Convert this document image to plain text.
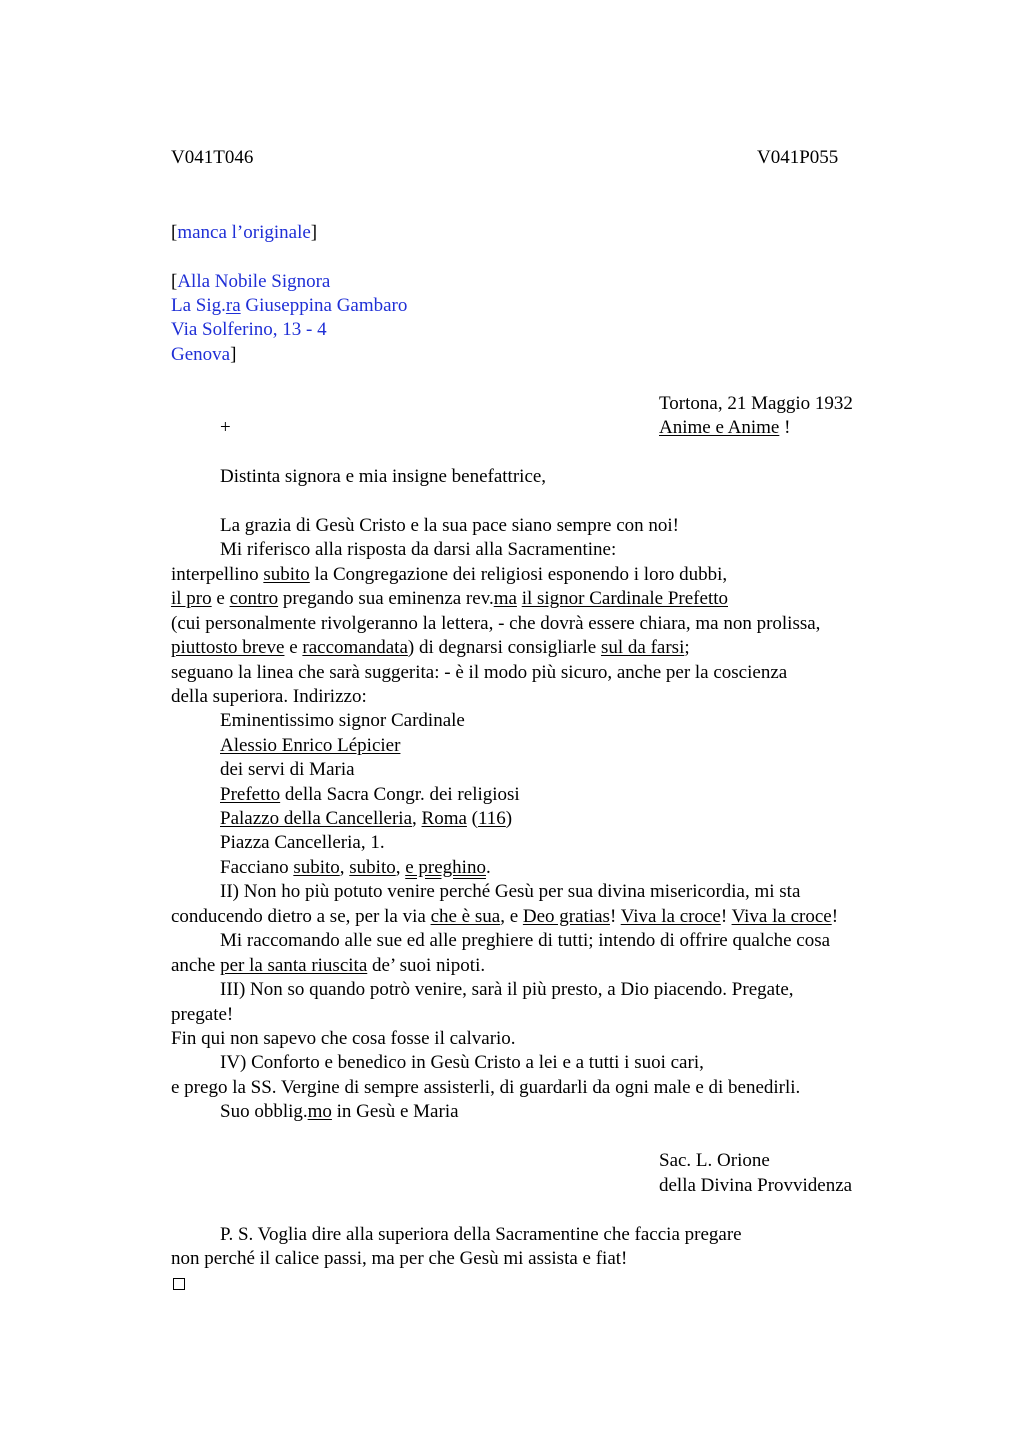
V041T046	V041P055
[manca l’originale]
[Alla Nobile Signora
La Sig.ra Giuseppina Gambaro
Via Solferino, 13 - 4
Genova]
Tortona, 21 Maggio 1932
+	Anime e Anime !
Distinta signora e mia insigne benefattrice,
La grazia di Gesù Cristo e la sua pace siano sempre con noi!
Mi riferisco alla risposta da darsi alla Sacramentine:
interpellino subito la Congregazione dei religiosi esponendo i loro dubbi,
il pro e contro pregando sua eminenza rev.ma il signor Cardinale Prefetto
(cui personalmente rivolgeranno la lettera, - che dovrà essere chiara, ma non prolissa,
piuttosto breve e raccomandata) di degnarsi consigliarle sul da farsi;
seguano la linea che sarà suggerita: - è il modo più sicuro, anche per la coscienza
della superiora. Indirizzo:
Eminentissimo signor Cardinale
Alessio Enrico Lépicier
dei servi di Maria
Prefetto della Sacra Congr. dei religiosi
Palazzo della Cancelleria, Roma (116)
Piazza Cancelleria, 1.
Facciano subito, subito, e preghino.
II) Non ho più potuto venire perché Gesù per sua divina misericordia, mi sta
conducendo dietro a se, per la via che è sua, e Deo gratias! Viva la croce! Viva la croce!
Mi raccomando alle sue ed alle preghiere di tutti; intendo di offrire qualche cosa
anche per la santa riuscita de’ suoi nipoti.
III) Non so quando potrò venire, sarà il più presto, a Dio piacendo. Pregate,
pregate!
Fin qui non sapevo che cosa fosse il calvario.
IV) Conforto e benedico in Gesù Cristo a lei e a tutti i suoi cari,
e prego la SS. Vergine di sempre assisterli, di guardarli da ogni male e di benedirli.
Suo obblig.mo in Gesù e Maria
Sac. L. Orione
della Divina Provvidenza
P. S. Voglia dire alla superiora della Sacramentine che faccia pregare
non perché il calice passi, ma per che Gesù mi assista e fiat!
